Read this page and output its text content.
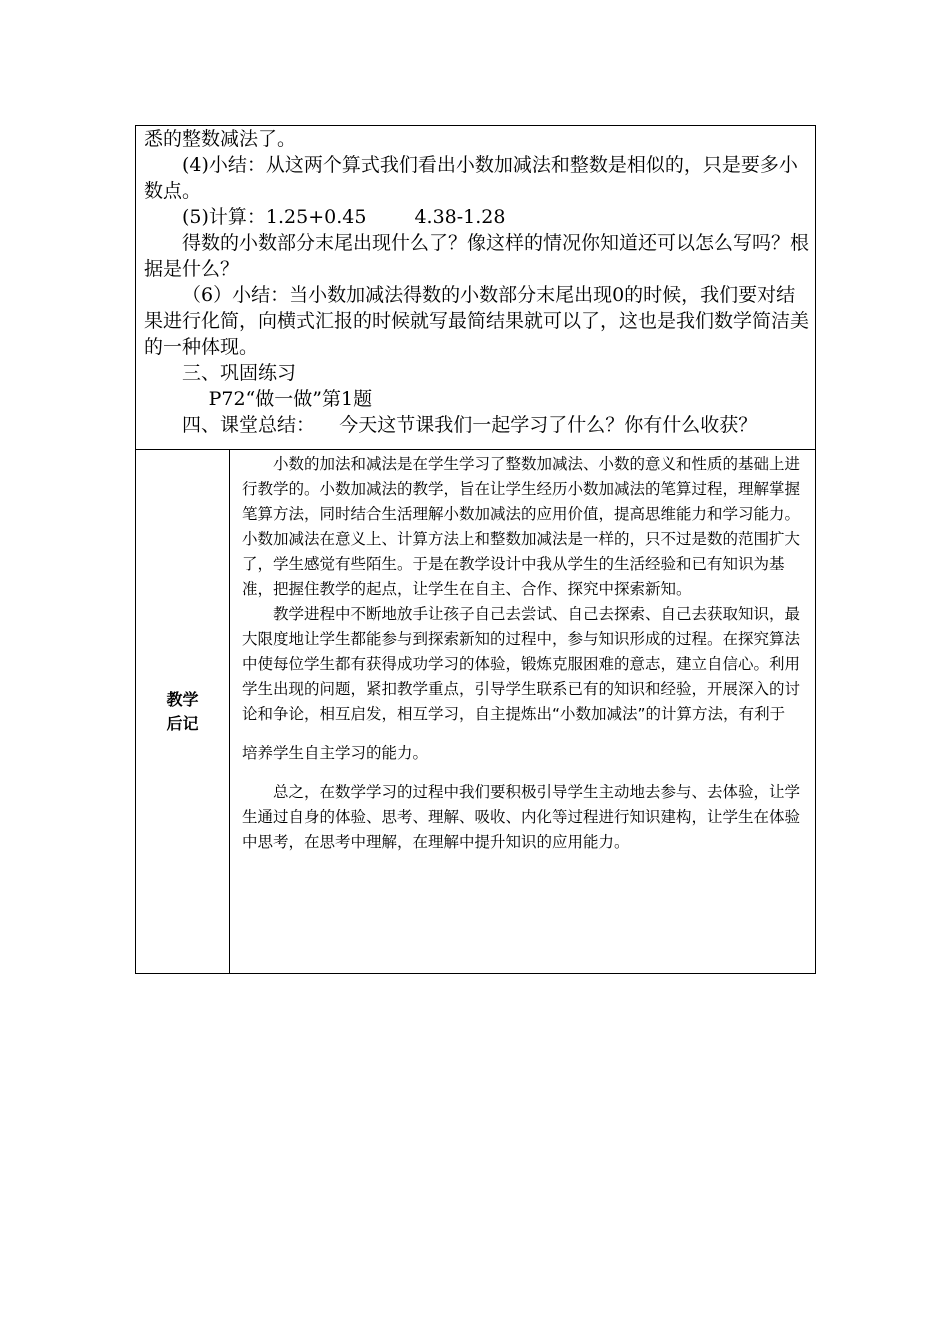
悉的整数减法了。

(4)小结：从这两个算式我们看出小数加减法和整数是相似的，只是要多小数点。

(5)计算：1.25+0.45	4.38-1.28

得数的小数部分末尾出现什么了？像这样的情况你知道还可以怎么写吗？根据是什么？

（6）小结：当小数加减法得数的小数部分末尾出现0的时候，我们要对结果进行化简，向横式汇报的时候就写最简结果就可以了，这也是我们数学简洁美的一种体现。

三、巩固练习

P72“做一做”第1题

四、课堂总结： 今天这节课我们一起学习了什么？你有什么收获？

教学
后记

小数的加法和减法是在学生学习了整数加减法、小数的意义和性质的基础上进行教学的。小数加减法的教学，旨在让学生经历小数加减法的笔算过程，理解掌握笔算方法，同时结合生活理解小数加减法的应用价值，提高思维能力和学习能力。小数加减法在意义上、计算方法上和整数加减法是一样的，只不过是数的范围扩大了，学生感觉有些陌生。于是在教学设计中我从学生的生活经验和已有知识为基准，把握住教学的起点，让学生在自主、合作、探究中探索新知。

教学进程中不断地放手让孩子自己去尝试、自己去探索、自己去获取知识，最大限度地让学生都能参与到探索新知的过程中，参与知识形成的过程。在探究算法中使每位学生都有获得成功学习的体验，锻炼克服困难的意志，建立自信心。利用学生出现的问题，紧扣教学重点，引导学生联系已有的知识和经验，开展深入的讨论和争论，相互启发，相互学习，自主提炼出“小数加减法”的计算方法，有利于

培养学生自主学习的能力。

总之，在数学学习的过程中我们要积极引导学生主动地去参与、去体验，让学生通过自身的体验、思考、理解、吸收、内化等过程进行知识建构，让学生在体验中思考，在思考中理解，在理解中提升知识的应用能力。
